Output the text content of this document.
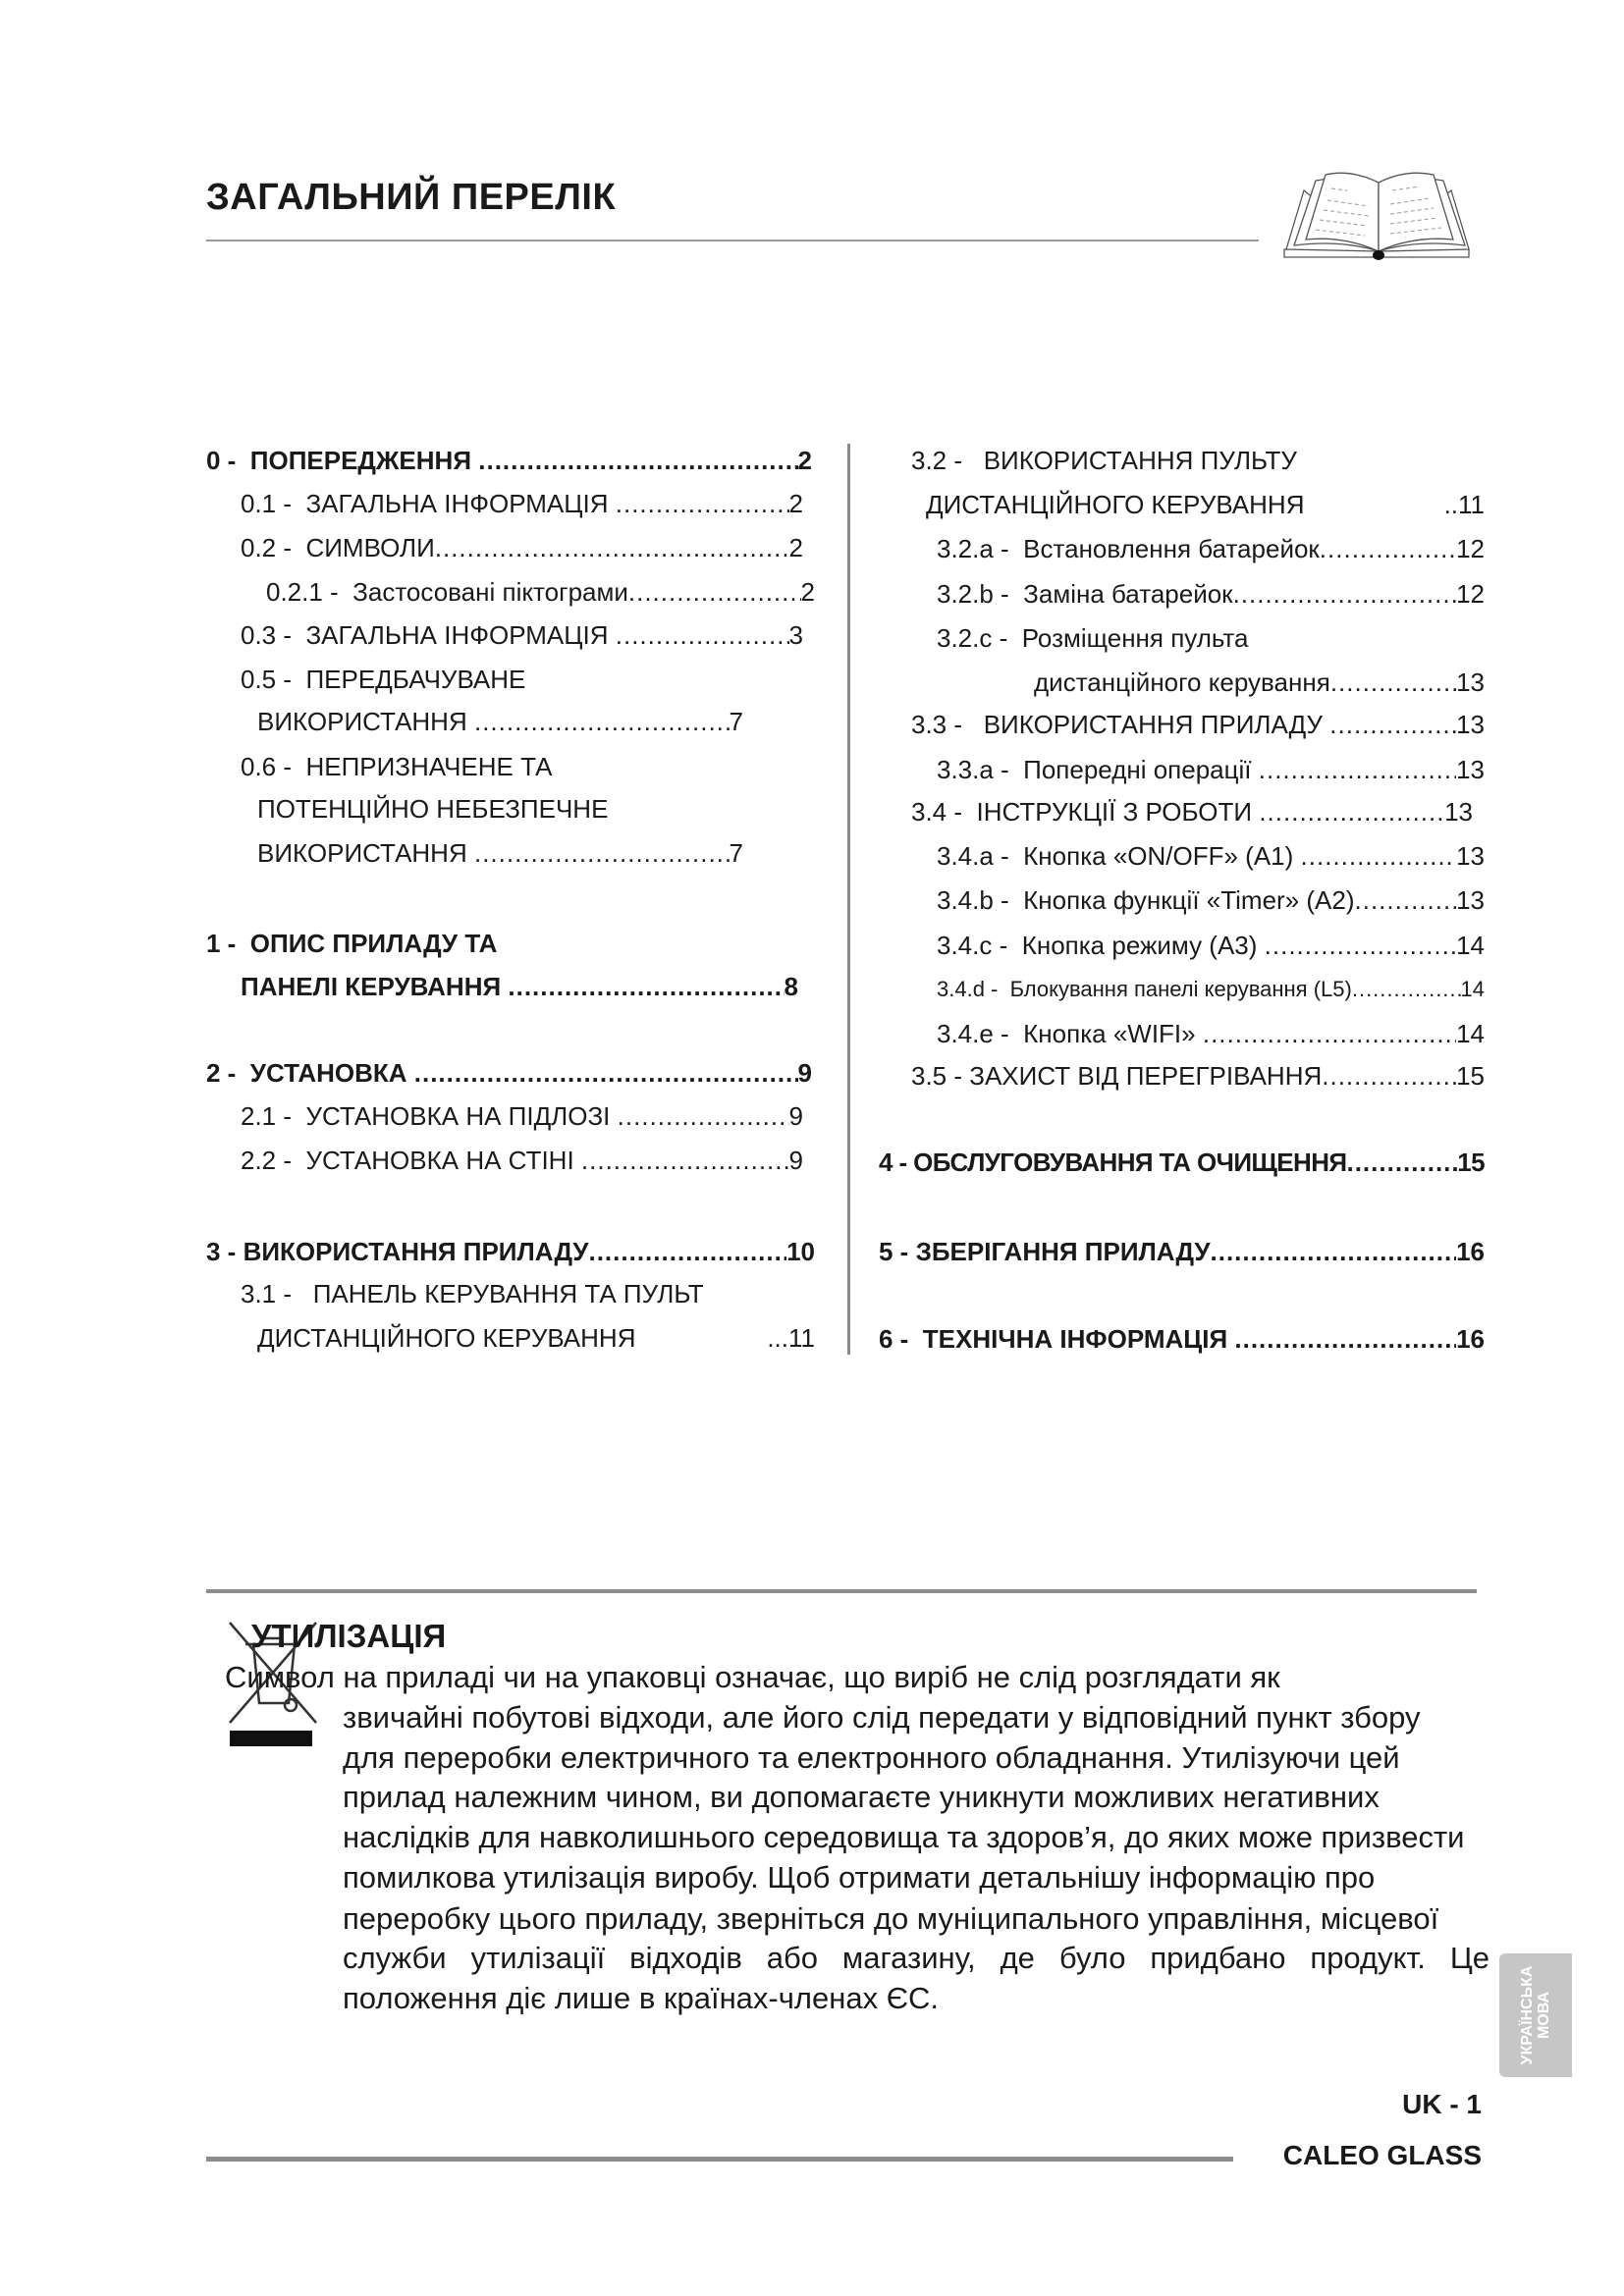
ЗАГАЛЬНИЙ ПЕРЕЛІК
0 -  ПОПЕРЕДЖЕННЯ .....	2
0.1 -  ЗАГАЛЬНА ІНФОРМАЦІЯ .....	2
0.2 -  СИМВОЛИ .....	2
0.2.1 -  Застосовані піктограми .....	2
0.3 -  ЗАГАЛЬНА ІНФОРМАЦІЯ .....	3
0.5 -  ПЕРЕДБАЧУВАНЕ
ВИКОРИСТАННЯ .....	7
0.6 -  НЕПРИЗНАЧЕНЕ ТА
ПОТЕНЦІЙНО НЕБЕЗПЕЧНЕ
ВИКОРИСТАННЯ .....	7
1 -  ОПИС ПРИЛАДУ ТА
ПАНЕЛІ КЕРУВАННЯ .....	8
2 -  УСТАНОВКА .....	9
2.1 -  УСТАНОВКА НА ПІДЛОЗІ .....	9
2.2 -  УСТАНОВКА НА СТІНІ .....	9
3 - ВИКОРИСТАННЯ ПРИЛАДУ .....	10
3.1 -   ПАНЕЛЬ КЕРУВАННЯ ТА ПУЛЬТ
ДИСТАНЦІЙНОГО КЕРУВАННЯ	...11
3.2 -   ВИКОРИСТАННЯ ПУЛЬТУ
ДИСТАНЦІЙНОГО КЕРУВАННЯ	..11
3.2.a -  Встановлення батарейок .....	12
3.2.b -  Заміна батарейок .....	12
3.2.c -  Розміщення пульта
дистанційного керування .....	13
3.3 -   ВИКОРИСТАННЯ ПРИЛАДУ .....	13
3.3.a -  Попередні операції .....	13
3.4 -  ІНСТРУКЦІЇ З РОБОТИ .....	13
3.4.a -  Кнопка «ON/OFF» (A1) .....	13
3.4.b -  Кнопка функції «Timer» (A2) .....	13
3.4.c -  Кнопка режиму (A3) .....	14
3.4.d -  Блокування панелі керування (L5) .....	14
3.4.e -  Кнопка «WIFI» .....	14
3.5 - ЗАХИСТ ВІД ПЕРЕГРІВАННЯ .....	15
4 - ОБСЛУГОВУВАННЯ ТА ОЧИЩЕННЯ .....	15
5 - ЗБЕРІГАННЯ ПРИЛАДУ .....	16
6 -  ТЕХНІЧНА ІНФОРМАЦІЯ .....	16
УТИЛІЗАЦІЯ
Символ на приладі чи на упаковці означає, що виріб не слід розглядати як
звичайні побутові відходи, але його слід передати у відповідний пункт збору
для переробки електричного та електронного обладнання. Утилізуючи цей
прилад належним чином, ви допомагаєте уникнути можливих негативних
наслідків для навколишнього середовища та здоров’я, до яких може призвести
помилкова утилізація виробу. Щоб отримати детальнішу інформацію про
переробку цього приладу, зверніться до муніципального управління, місцевої
служби утилізації відходів або магазину, де було придбано продукт. Це
положення діє лише в країнах-членах ЄС.	УКРАЇНСЬКА МОВА
UK - 1
CALEO GLASS
